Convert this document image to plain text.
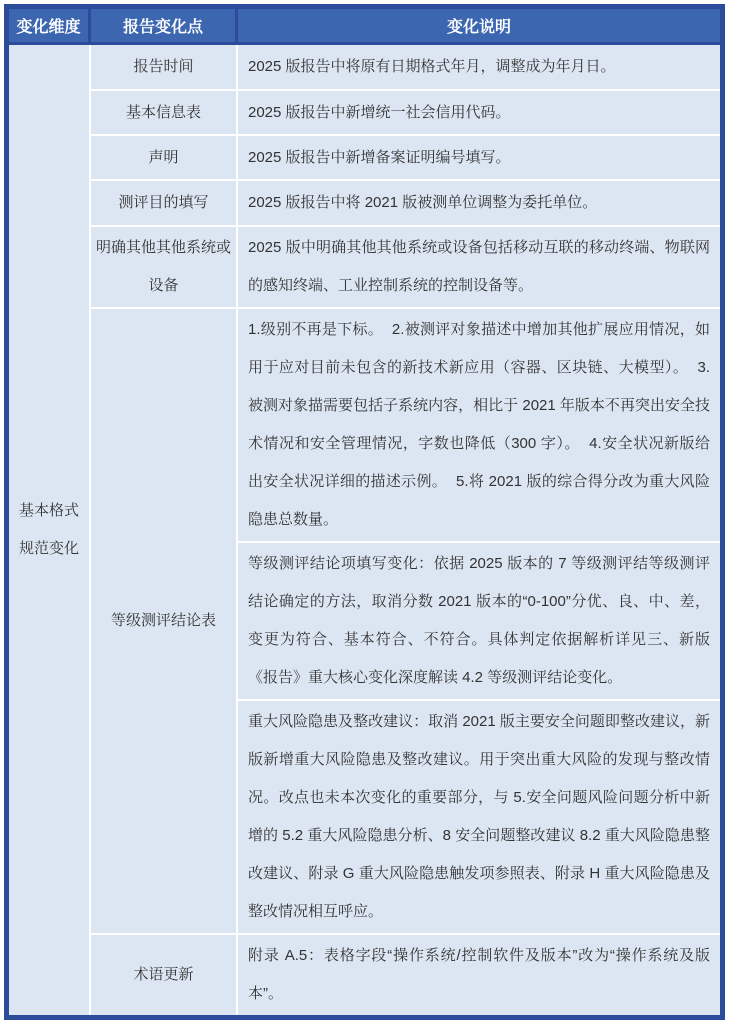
变化维度	报告变化点	变化说明
基本格式规范变化	报告时间	2025 版报告中将原有日期格式年月，调整成为年月日。
	基本信息表	2025 版报告中新增统一社会信用代码。
	声明	2025 版报告中新增备案证明编号填写。
	测评目的填写	2025 版报告中将 2021 版被测单位调整为委托单位。
	明确其他其他系统或设备	2025 版中明确其他其他系统或设备包括移动互联的移动终端、物联网的感知终端、工业控制系统的控制设备等。
	等级测评结论表	1.级别不再是下标。  2.被测评对象描述中增加其他扩展应用情况，如用于应对目前未包含的新技术新应用（容器、区块链、大模型）。  3.被测对象描需要包括子系统内容，相比于 2021 年版本不再突出安全技术情况和安全管理情况，字数也降低（300 字）。  4.安全状况新版给出安全状况详细的描述示例。  5.将 2021 版的综合得分改为重大风险隐患总数量。
		等级测评结论项填写变化：依据 2025 版本的 7 等级测评结等级测评结论确定的方法，取消分数 2021 版本的“0-100”分优、良、中、差，变更为符合、基本符合、不符合。具体判定依据解析详见三、新版《报告》重大核心变化深度解读 4.2 等级测评结论变化。
		重大风险隐患及整改建议：取消 2021 版主要安全问题即整改建议，新版新增重大风险隐患及整改建议。用于突出重大风险的发现与整改情况。改点也未本次变化的重要部分，与 5.安全问题风险问题分析中新增的 5.2 重大风险隐患分析、8 安全问题整改建议 8.2 重大风险隐患整改建议、附录 G 重大风险隐患触发项参照表、附录 H 重大风险隐患及整改情况相互呼应。
	术语更新	附录 A.5：表格字段“操作系统/控制软件及版本”改为“操作系统及版本”。
